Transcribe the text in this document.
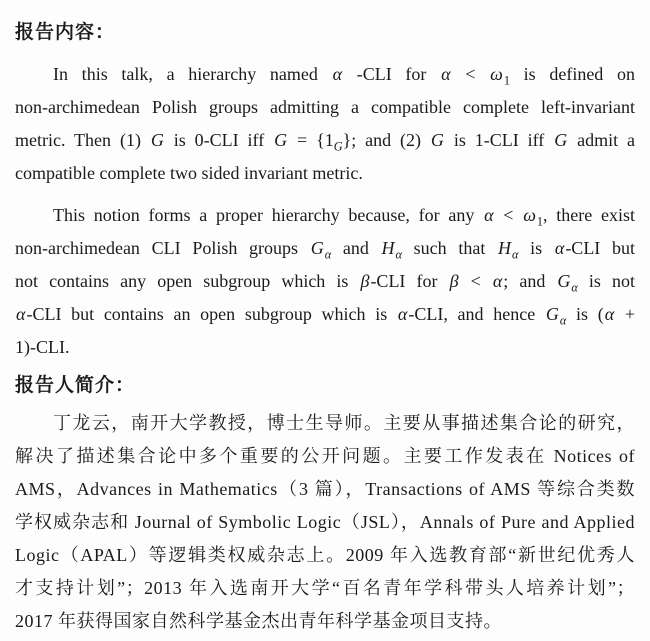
报告内容：
In this talk, a hierarchy named α -CLI for $\alpha < \omega_1$ is defined on
non-archimedean Polish groups admitting a compatible complete left-invariant
metric. Then (1) G is 0-CLI iff $G = \{1_G\}$; and (2) G is 1-CLI iff G admit a
compatible complete two sided invariant metric.
This notion forms a proper hierarchy because, for any $\alpha < \omega_1$, there exist
non-archimedean CLI Polish groups $G_\alpha$ and $H_\alpha$ such that $H_\alpha$ is α-CLI but
not contains any open subgroup which is β-CLI for β < α; and $G_\alpha$ is not
α-CLI but contains an open subgroup which is α-CLI, and hence $G_\alpha$ is (α +
1)-CLI.
报告人简介：
丁龙云，南开大学教授，博士生导师。主要从事描述集合论的研究，
解决了描述集合论中多个重要的公开问题。主要工作发表在 Notices of
AMS，Advances in Mathematics（3 篇），Transactions of AMS 等综合类数
学权威杂志和 Journal of Symbolic Logic（JSL），Annals of Pure and Applied
Logic（APAL）等逻辑类权威杂志上。2009 年入选教育部“新世纪优秀人
才支持计划”；2013 年入选南开大学“百名青年学科带头人培养计划”；
2017 年获得国家自然科学基金杰出青年科学基金项目支持。
